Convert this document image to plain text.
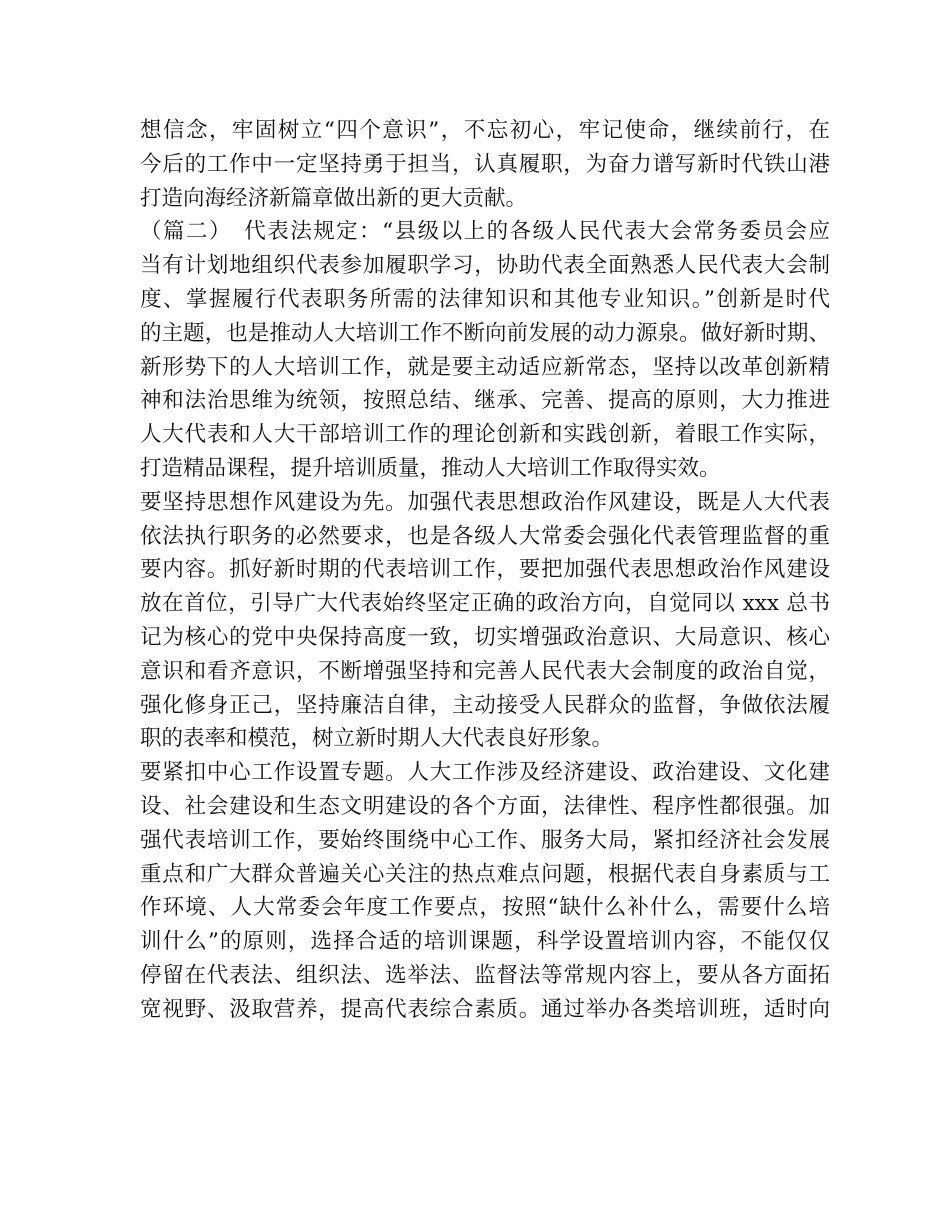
想信念，牢固树立“四个意识”，不忘初心，牢记使命，继续前行，在
今后的工作中一定坚持勇于担当，认真履职，为奋力谱写新时代铁山港
打造向海经济新篇章做出新的更大贡献。
（篇二）　代表法规定：“县级以上的各级人民代表大会常务委员会应
当有计划地组织代表参加履职学习，协助代表全面熟悉人民代表大会制
度、掌握履行代表职务所需的法律知识和其他专业知识。”创新是时代
的主题，也是推动人大培训工作不断向前发展的动力源泉。做好新时期、
新形势下的人大培训工作，就是要主动适应新常态，坚持以改革创新精
神和法治思维为统领，按照总结、继承、完善、提高的原则，大力推进
人大代表和人大干部培训工作的理论创新和实践创新，着眼工作实际，
打造精品课程，提升培训质量，推动人大培训工作取得实效。
要坚持思想作风建设为先。加强代表思想政治作风建设，既是人大代表
依法执行职务的必然要求，也是各级人大常委会强化代表管理监督的重
要内容。抓好新时期的代表培训工作，要把加强代表思想政治作风建设
放在首位，引导广大代表始终坚定正确的政治方向，自觉同以 xxx 总书
记为核心的党中央保持高度一致，切实增强政治意识、大局意识、核心
意识和看齐意识，不断增强坚持和完善人民代表大会制度的政治自觉，
强化修身正己，坚持廉洁自律，主动接受人民群众的监督，争做依法履
职的表率和模范，树立新时期人大代表良好形象。
要紧扣中心工作设置专题。人大工作涉及经济建设、政治建设、文化建
设、社会建设和生态文明建设的各个方面，法律性、程序性都很强。加
强代表培训工作，要始终围绕中心工作、服务大局，紧扣经济社会发展
重点和广大群众普遍关心关注的热点难点问题，根据代表自身素质与工
作环境、人大常委会年度工作要点，按照“缺什么补什么，需要什么培
训什么”的原则，选择合适的培训课题，科学设置培训内容，不能仅仅
停留在代表法、组织法、选举法、监督法等常规内容上，要从各方面拓
宽视野、汲取营养，提高代表综合素质。通过举办各类培训班，适时向
